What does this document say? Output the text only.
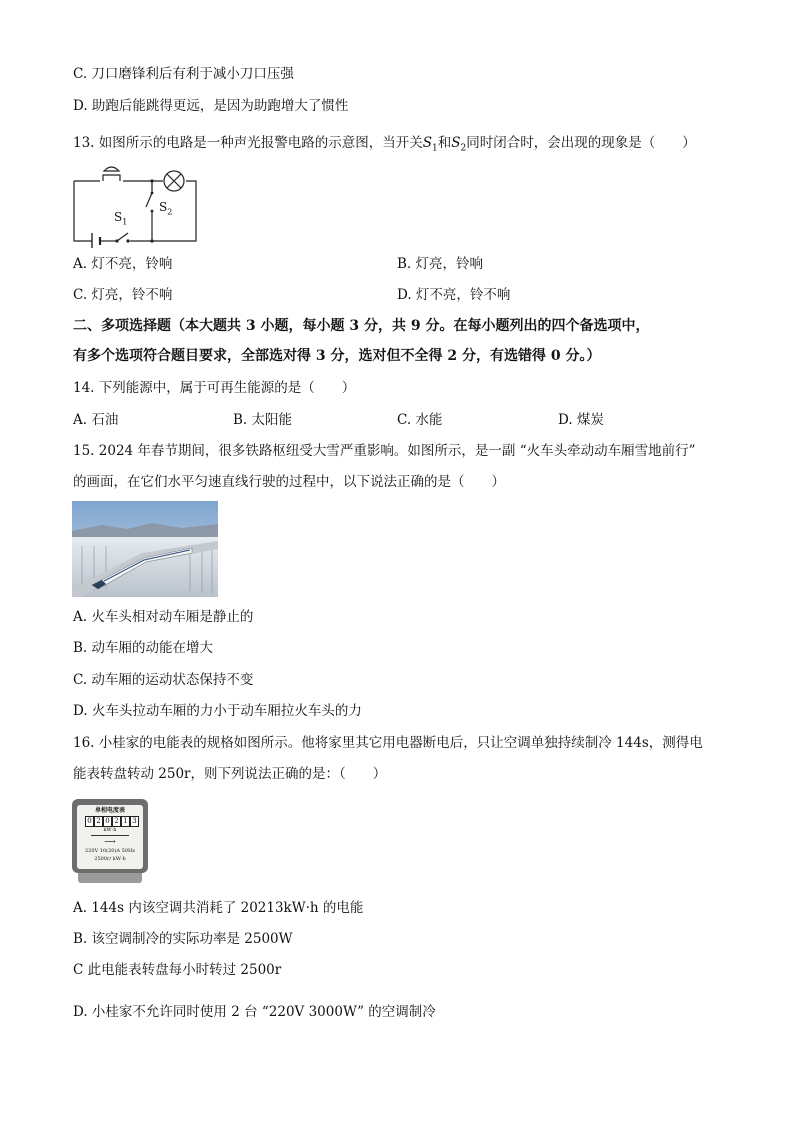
C. 刀口磨锋利后有利于减小刀口压强
D. 助跑后能跳得更远，是因为助跑增大了惯性
13. 如图所示的电路是一种声光报警电路的示意图，当开关$S_1$和$S_2$同时闭合时，会出现的现象是（　　）
$S_1$
$S_2$
A. 灯不亮，铃响	B. 灯亮，铃响
C. 灯亮，铃不响	D. 灯不亮，铃不响
二、多项选择题（本大题共 3 小题，每小题 3 分，共 9 分。在每小题列出的四个备选项中，
有多个选项符合题目要求，全部选对得 3 分，选对但不全得 2 分，有选错得 0 分。）
14. 下列能源中，属于可再生能源的是（　　）
A. 石油	B. 太阳能	C. 水能	D. 煤炭
15. 2024 年春节期间，很多铁路枢纽受大雪严重影响。如图所示，是一副 “火车头牵动动车厢雪地前行”
的画面，在它们水平匀速直线行驶的过程中，以下说法正确的是（　　）
A. 火车头相对动车厢是静止的
B. 动车厢的动能在增大
C. 动车厢的运动状态保持不变
D. 火车头拉动车厢的力小于动车厢拉火车头的力
16. 小桂家的电能表的规格如图所示。他将家里其它用电器断电后，只让空调单独持续制冷 144s，测得电
能表转盘转动 250r，则下列说法正确的是：（　　）
单相电度表
0 2 0 2 1 3
kW·h
⟶
220V 10(20)A 50Hz
2500r/ kW·h
A. 144s 内该空调共消耗了 20213kW·h 的电能
B. 该空调制冷的实际功率是 2500W
C 此电能表转盘每小时转过 2500r
D. 小桂家不允许同时使用 2 台 “220V 3000W” 的空调制冷
